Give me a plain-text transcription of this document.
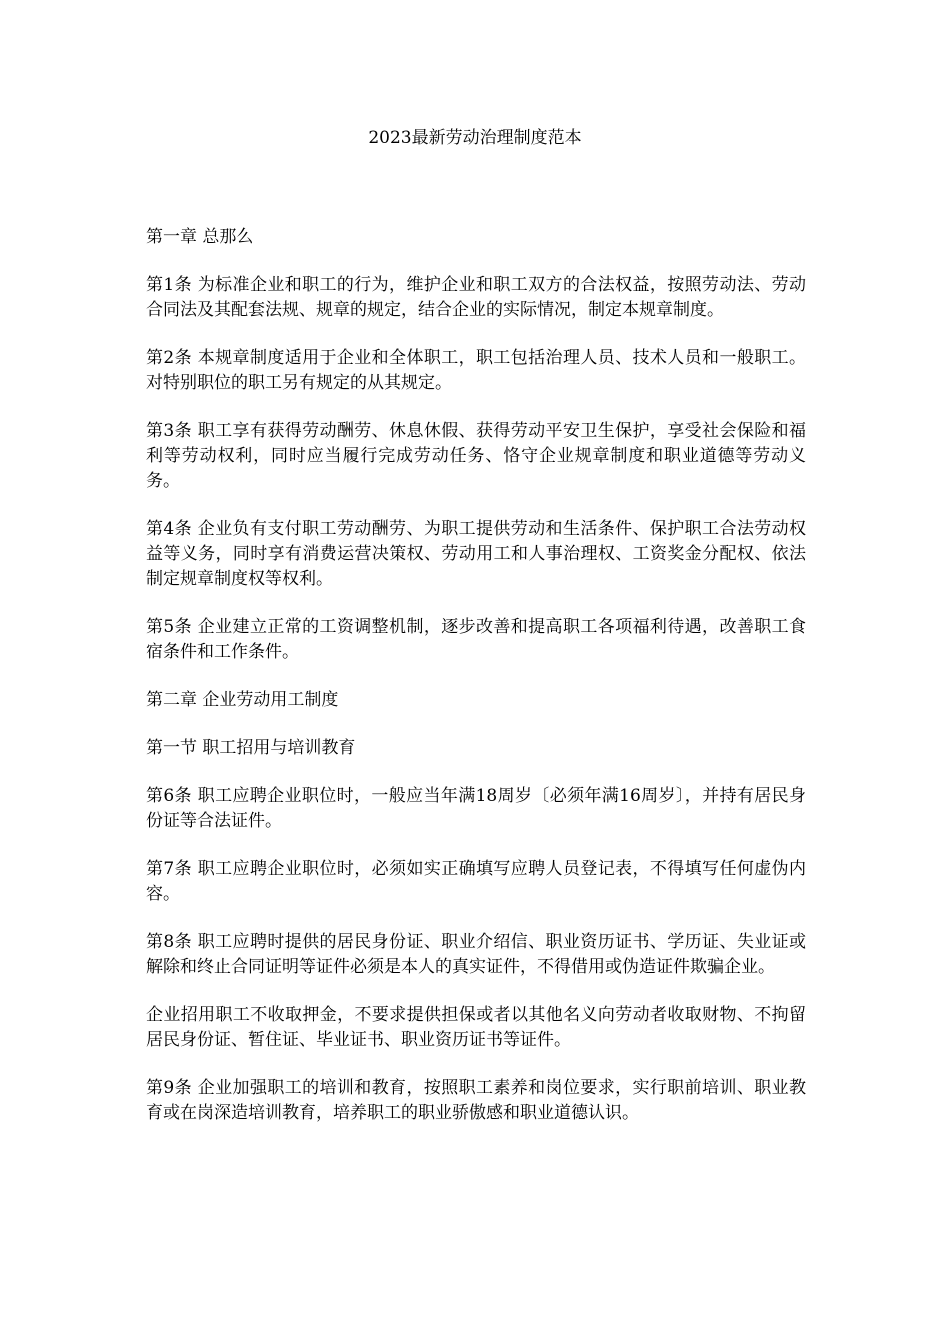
2023最新劳动治理制度范本

第一章 总那么

第1条 为标准企业和职工的行为，维护企业和职工双方的合法权益，按照劳动法、劳动合同法及其配套法规、规章的规定，结合企业的实际情况，制定本规章制度。

第2条 本规章制度适用于企业和全体职工，职工包括治理人员、技术人员和一般职工。对特别职位的职工另有规定的从其规定。

第3条 职工享有获得劳动酬劳、休息休假、获得劳动平安卫生保护，享受社会保险和福利等劳动权利，同时应当履行完成劳动任务、恪守企业规章制度和职业道德等劳动义务。

第4条 企业负有支付职工劳动酬劳、为职工提供劳动和生活条件、保护职工合法劳动权益等义务，同时享有消费运营决策权、劳动用工和人事治理权、工资奖金分配权、依法制定规章制度权等权利。

第5条 企业建立正常的工资调整机制，逐步改善和提高职工各项福利待遇，改善职工食宿条件和工作条件。

第二章 企业劳动用工制度

第一节 职工招用与培训教育

第6条 职工应聘企业职位时，一般应当年满18周岁〔必须年满16周岁〕，并持有居民身份证等合法证件。

第7条 职工应聘企业职位时，必须如实正确填写应聘人员登记表，不得填写任何虚伪内容。

第8条 职工应聘时提供的居民身份证、职业介绍信、职业资历证书、学历证、失业证或解除和终止合同证明等证件必须是本人的真实证件，不得借用或伪造证件欺骗企业。

企业招用职工不收取押金，不要求提供担保或者以其他名义向劳动者收取财物、不拘留居民身份证、暂住证、毕业证书、职业资历证书等证件。

第9条 企业加强职工的培训和教育，按照职工素养和岗位要求，实行职前培训、职业教育或在岗深造培训教育，培养职工的职业骄傲感和职业道德认识。
